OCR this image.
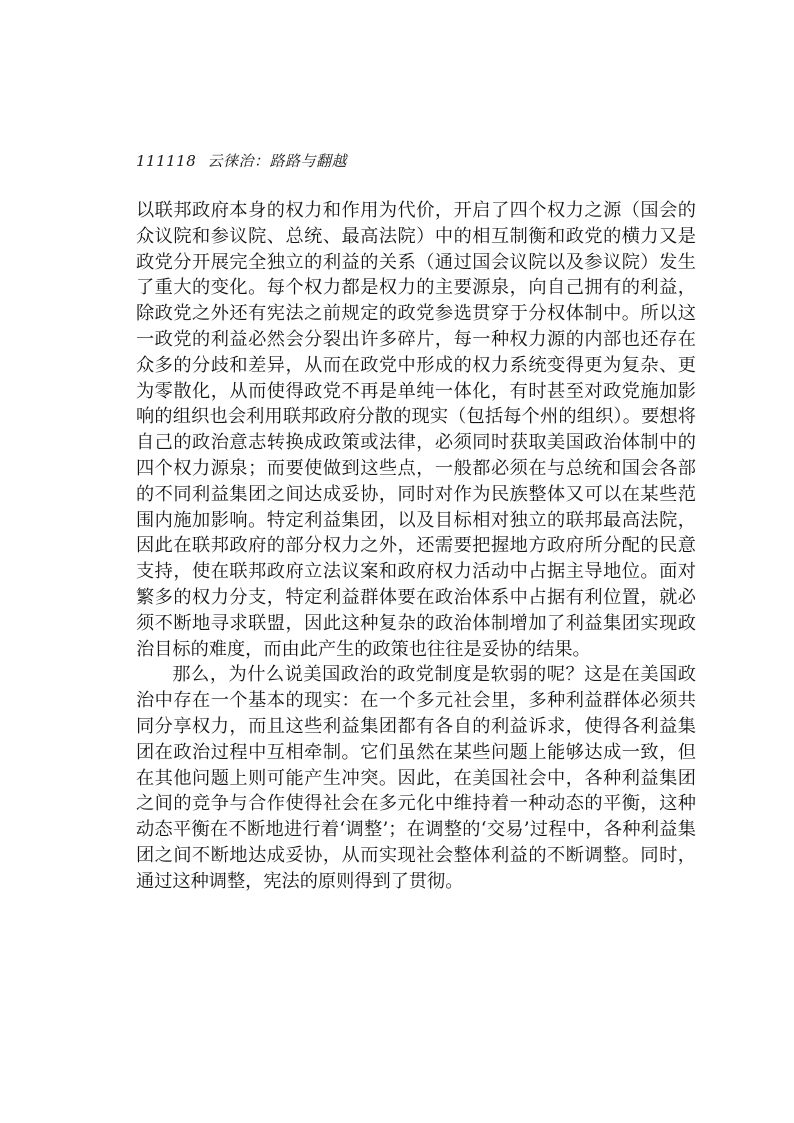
111118 云徕治：路路与翻越

以联邦政府本身的权力和作用为代价，开启了四个权力之源（国会的众议院和参议院、总统、最高法院）中的相互制衡和政党的横力又是政党分开展完全独立的利益的关系（通过国会议院以及参议院）发生了重大的变化。每个权力都是权力的主要源泉，向自己拥有的利益，除政党之外还有宪法之前规定的政党参选贯穿于分权体制中。所以这一政党的利益必然会分裂出许多碎片，每一种权力源的内部也还存在众多的分歧和差异，从而在政党中形成的权力系统变得更为复杂、更为零散化，从而使得政党不再是单纯一体化，有时甚至对政党施加影响的组织也会利用联邦政府分散的现实（包括每个州的组织）。要想将自己的政治意志转换成政策或法律，必须同时获取美国政治体制中的四个权力源泉；而要使做到这些点，一般都必须在与总统和国会各部的不同利益集团之间达成妥协，同时对作为民族整体又可以在某些范围内施加影响。特定利益集团，以及目标相对独立的联邦最高法院，因此在联邦政府的部分权力之外，还需要把握地方政府所分配的民意支持，使在联邦政府立法议案和政府权力活动中占据主导地位。面对繁多的权力分支，特定利益群体要在政治体系中占据有利位置，就必须不断地寻求联盟，因此这种复杂的政治体制增加了利益集团实现政治目标的难度，而由此产生的政策也往往是妥协的结果。

那么，为什么说美国政治的政党制度是软弱的呢？这是在美国政治中存在一个基本的现实：在一个多元社会里，多种利益群体必须共同分享权力，而且这些利益集团都有各自的利益诉求，使得各利益集团在政治过程中互相牵制。它们虽然在某些问题上能够达成一致，但在其他问题上则可能产生冲突。因此，在美国社会中，各种利益集团之间的竞争与合作使得社会在多元化中维持着一种动态的平衡，这种动态平衡在不断地进行着‘调整’；在调整的‘交易’过程中，各种利益集团之间不断地达成妥协，从而实现社会整体利益的不断调整。同时，通过这种调整，宪法的原则得到了贯彻。
